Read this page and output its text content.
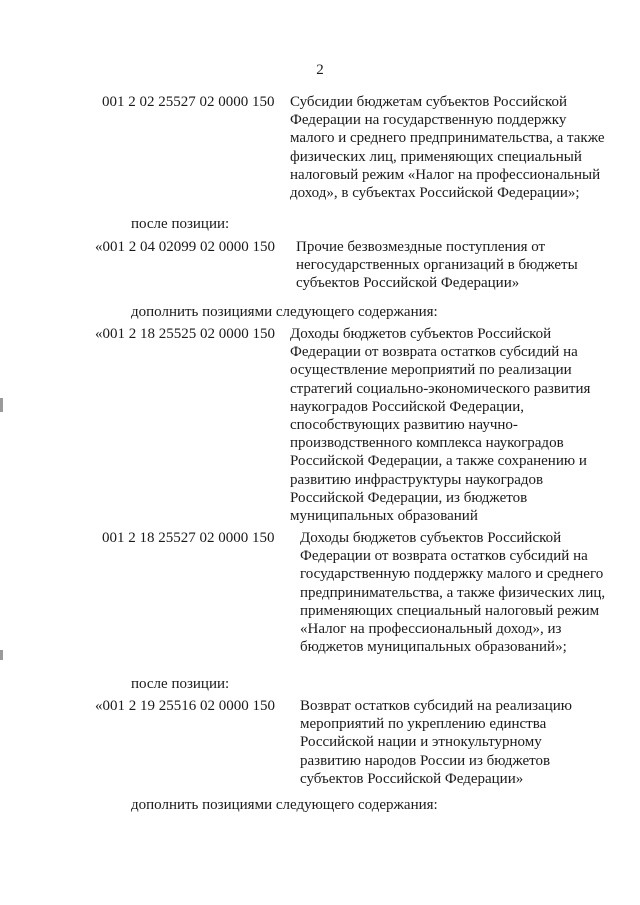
2
001 2 02 25527 02 0000 150 Субсидии бюджетам субъектов Российской Федерации на государственную поддержку малого и среднего предпринимательства, а также физических лиц, применяющих специальный налоговый режим «Налог на профессиональный доход», в субъектах Российской Федерации»;
после позиции:
«001 2 04 02099 02 0000 150 Прочие безвозмездные поступления от негосударственных организаций в бюджеты субъектов Российской Федерации»
дополнить позициями следующего содержания:
«001 2 18 25525 02 0000 150 Доходы бюджетов субъектов Российской Федерации от возврата остатков субсидий на осуществление мероприятий по реализации стратегий социально-экономического развития наукоградов Российской Федерации, способствующих развитию научно-производственного комплекса наукоградов Российской Федерации, а также сохранению и развитию инфраструктуры наукоградов Российской Федерации, из бюджетов муниципальных образований
001 2 18 25527 02 0000 150 Доходы бюджетов субъектов Российской Федерации от возврата остатков субсидий на государственную поддержку малого и среднего предпринимательства, а также физических лиц, применяющих специальный налоговый режим «Налог на профессиональный доход», из бюджетов муниципальных образований»;
после позиции:
«001 2 19 25516 02 0000 150 Возврат остатков субсидий на реализацию мероприятий по укреплению единства Российской нации и этнокультурному развитию народов России из бюджетов субъектов Российской Федерации»
дополнить позициями следующего содержания:
